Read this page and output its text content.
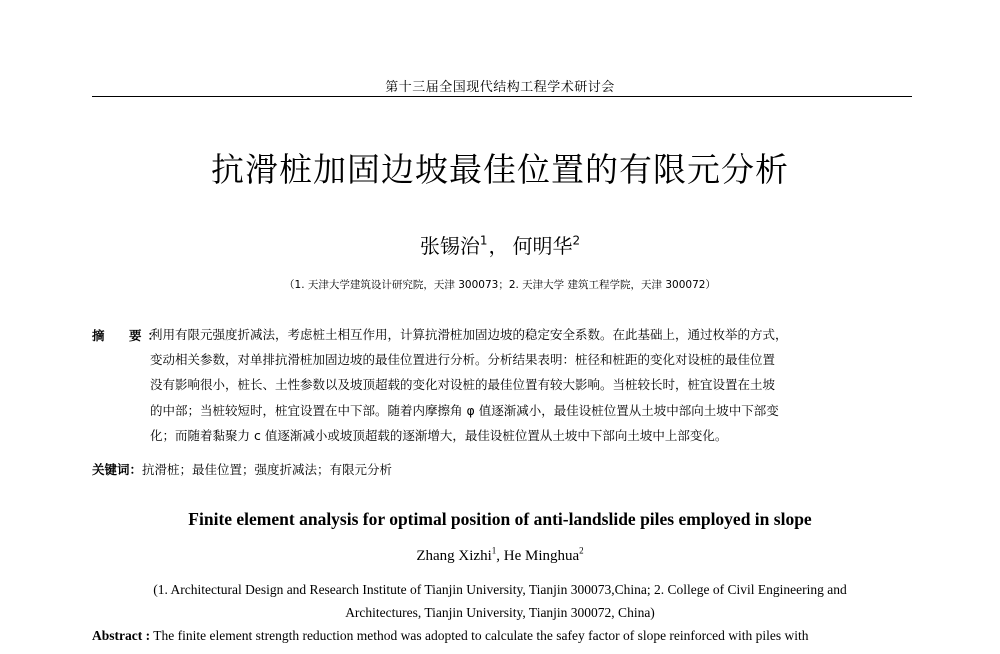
第十三届全国现代结构工程学术研讨会
抗滑桩加固边坡最佳位置的有限元分析
张锡治$^1$， 何明华$^2$
（1. 天津大学建筑设计研究院，天津 300073；2. 天津大学 建筑工程学院，天津 300072）
摘　要：
利用有限元强度折减法，考虑桩土相互作用，计算抗滑桩加固边坡的稳定安全系数。在此基础上，通过枚举的方式，
变动相关参数，对单排抗滑桩加固边坡的最佳位置进行分析。分析结果表明：桩径和桩距的变化对设桩的最佳位置
没有影响很小，桩长、土性参数以及坡顶超载的变化对设桩的最佳位置有较大影响。当桩较长时，桩宜设置在土坡
的中部；当桩较短时，桩宜设置在中下部。随着内摩擦角 φ 值逐渐减小，最佳设桩位置从土坡中部向土坡中下部变
化；而随着黏聚力 c 值逐渐减小或坡顶超载的逐渐增大，最佳设桩位置从土坡中下部向土坡中上部变化。
关键词：抗滑桩；最佳位置；强度折减法；有限元分析
Finite element analysis for optimal position of anti-landslide piles employed in slope
Zhang Xizhi$^1$, He Minghua$^2$
(1. Architectural Design and Research Institute of Tianjin University, Tianjin 300073,China; 2. College of Civil Engineering and
Architectures, Tianjin University, Tianjin 300072, China)
Abstract : The finite element strength reduction method was adopted to calculate the safey factor of slope reinforced with piles with
